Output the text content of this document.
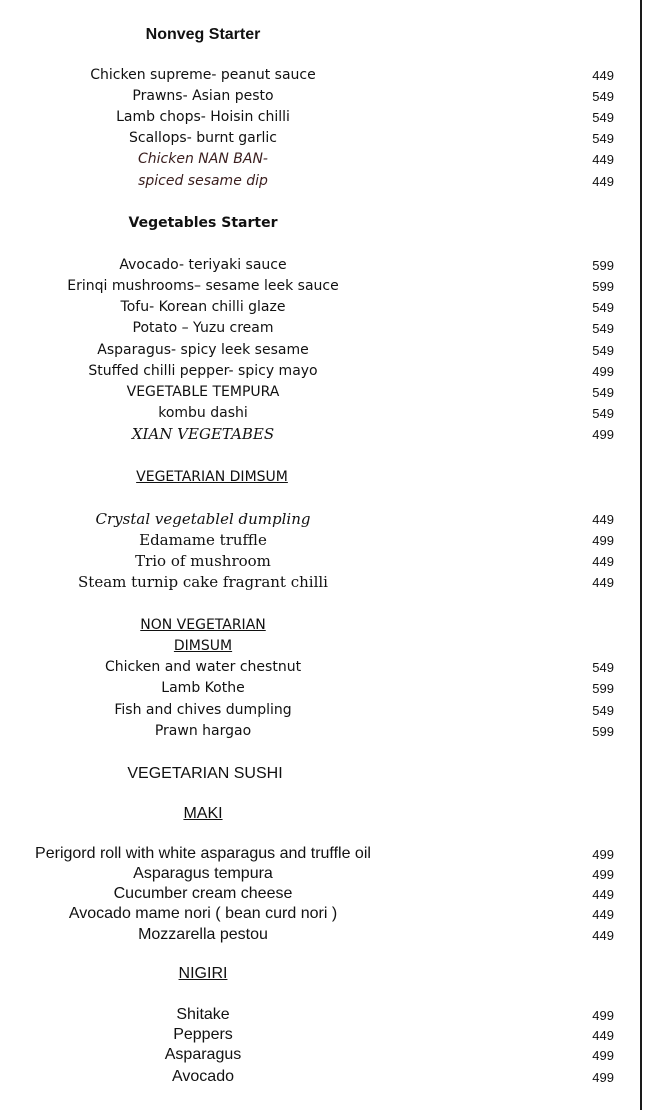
Nonveg Starter
Chicken supreme- peanut sauce	449
Prawns- Asian pesto	549
Lamb chops- Hoisin chilli	549
Scallops- burnt garlic	549
Chicken NAN BAN-	449
spiced sesame dip	449
Vegetables Starter
Avocado- teriyaki sauce	599
Erinqi mushrooms– sesame leek sauce	599
Tofu- Korean chilli glaze	549
Potato – Yuzu cream	549
Asparagus- spicy leek sesame	549
Stuffed chilli pepper- spicy mayo	499
VEGETABLE TEMPURA	549
kombu dashi	549
XIAN VEGETABES	499
VEGETARIAN DIMSUM
Crystal vegetablel dumpling	449
Edamame truffle	499
Trio of mushroom	449
Steam turnip cake fragrant chilli	449
NON VEGETARIAN
DIMSUM
Chicken and water chestnut	549
Lamb Kothe	599
Fish and chives dumpling	549
Prawn hargao	599
VEGETARIAN SUSHI
MAKI
Perigord roll with white asparagus and truffle oil	499
Asparagus tempura	499
Cucumber cream cheese	449
Avocado mame nori ( bean curd nori )	449
Mozzarella pestou	449
NIGIRI
Shitake	499
Peppers	449
Asparagus	499
Avocado	499
